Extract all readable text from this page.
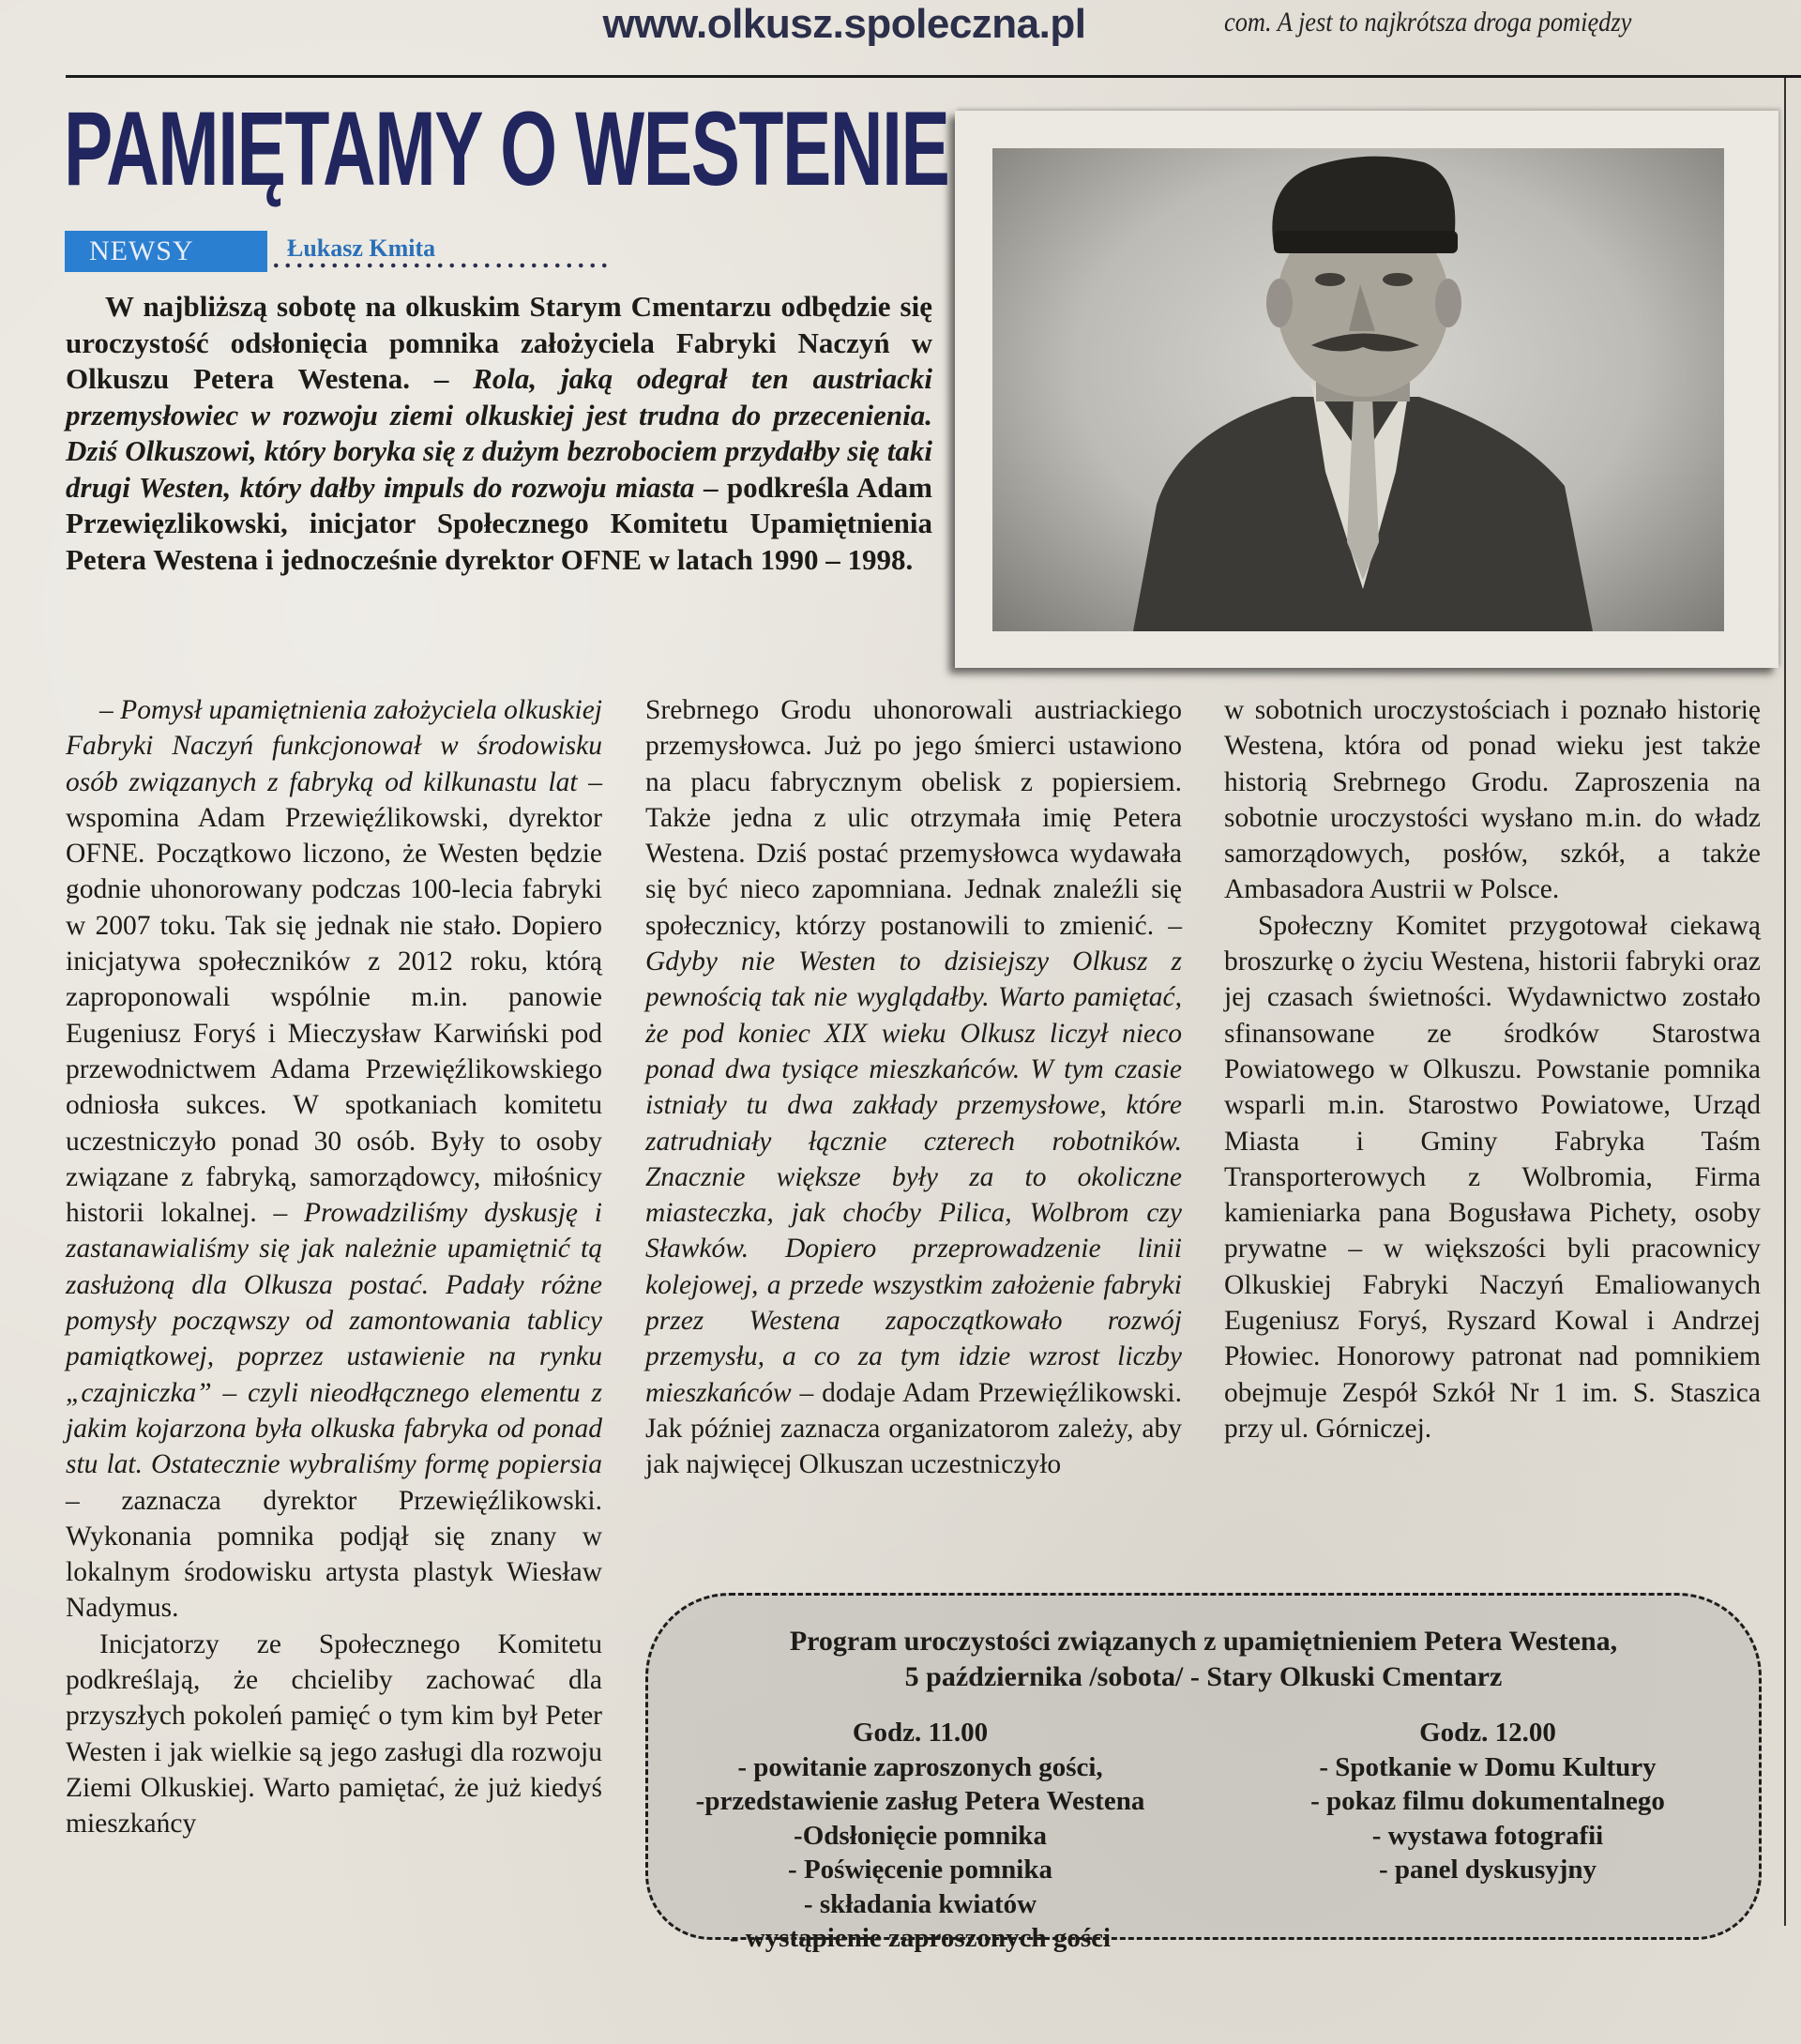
www.olkusz.spoleczna.pl	com. A jest to najkrótsza droga pomiędzy
PAMIĘTAMY O WESTENIE
NEWSY	Łukasz Kmita

W najbliższą sobotę na olkuskim Starym Cmentarzu odbędzie się uroczystość odsłonięcia pomnika założyciela Fabryki Naczyń w Olkuszu Petera Westena. – Rola, jaką odegrał ten austriacki przemysłowiec w rozwoju ziemi olkuskiej jest trudna do przecenienia. Dziś Olkuszowi, który boryka się z dużym bezrobociem przydałby się taki drugi Westen, który dałby impuls do rozwoju miasta – podkreśla Adam Przewięzlikowski, inicjator Społecznego Komitetu Upamiętnienia Petera Westena i jednocześnie dyrektor OFNE w latach 1990 – 1998.

– Pomysł upamiętnienia założyciela olkuskiej Fabryki Naczyń funkcjonował w środowisku osób związanych z fabryką od kilkunastu lat – wspomina Adam Przewięźlikowski, dyrektor OFNE. Początkowo liczono, że Westen będzie godnie uhonorowany podczas 100-lecia fabryki w 2007 toku. Tak się jednak nie stało. Dopiero inicjatywa społeczników z 2012 roku, którą zaproponowali wspólnie m.in. panowie Eugeniusz Foryś i Mieczysław Karwiński pod przewodnictwem Adama Przewięźlikowskiego odniosła sukces. W spotkaniach komitetu uczestniczyło ponad 30 osób. Były to osoby związane z fabryką, samorządowcy, miłośnicy historii lokalnej. – Prowadziliśmy dyskusję i zastanawialiśmy się jak należnie upamiętnić tą zasłużoną dla Olkusza postać. Padały różne pomysły począwszy od zamontowania tablicy pamiątkowej, poprzez ustawienie na rynku „czajniczka” – czyli nieodłącznego elementu z jakim kojarzona była olkuska fabryka od ponad stu lat. Ostatecznie wybraliśmy formę popiersia – zaznacza dyrektor Przewięźlikowski. Wykonania pomnika podjął się znany w lokalnym środowisku artysta plastyk Wiesław Nadymus.

Inicjatorzy ze Społecznego Komitetu podkreślają, że chcieliby zachować dla przyszłych pokoleń pamięć o tym kim był Peter Westen i jak wielkie są jego zasługi dla rozwoju Ziemi Olkuskiej. Warto pamiętać, że już kiedyś mieszkańcy

Srebrnego Grodu uhonorowali austriackiego przemysłowca. Już po jego śmierci ustawiono na placu fabrycznym obelisk z popiersiem. Także jedna z ulic otrzymała imię Petera Westena. Dziś postać przemysłowca wydawała się być nieco zapomniana. Jednak znaleźli się społecznicy, którzy postanowili to zmienić. – Gdyby nie Westen to dzisiejszy Olkusz z pewnością tak nie wyglądałby. Warto pamiętać, że pod koniec XIX wieku Olkusz liczył nieco ponad dwa tysiące mieszkańców. W tym czasie istniały tu dwa zakłady przemysłowe, które zatrudniały łącznie czterech robotników. Znacznie większe były za to okoliczne miasteczka, jak choćby Pilica, Wolbrom czy Sławków. Dopiero przeprowadzenie linii kolejowej, a przede wszystkim założenie fabryki przez Westena zapoczątkowało rozwój przemysłu, a co za tym idzie wzrost liczby mieszkańców – dodaje Adam Przewięźlikowski. Jak później zaznacza organizatorom zależy, aby jak najwięcej Olkuszan uczestniczyło

w sobotnich uroczystościach i poznało historię Westena, która od ponad wieku jest także historią Srebrnego Grodu. Zaproszenia na sobotnie uroczystości wysłano m.in. do władz samorządowych, posłów, szkół, a także Ambasadora Austrii w Polsce.

Społeczny Komitet przygotował ciekawą broszurkę o życiu Westena, historii fabryki oraz jej czasach świetności. Wydawnictwo zostało sfinansowane ze środków Starostwa Powiatowego w Olkuszu. Powstanie pomnika wsparli m.in. Starostwo Powiatowe, Urząd Miasta i Gminy Fabryka Taśm Transporterowych z Wolbromia, Firma kamieniarka pana Bogusława Pichety, osoby prywatne – w większości byli pracownicy Olkuskiej Fabryki Naczyń Emaliowanych Eugeniusz Foryś, Ryszard Kowal i Andrzej Płowiec. Honorowy patronat nad pomnikiem obejmuje Zespół Szkół Nr 1 im. S. Staszica przy ul. Górniczej.

Program uroczystości związanych z upamiętnieniem Petera Westena,
5 października /sobota/ - Stary Olkuski Cmentarz
Godz. 11.00
- powitanie zaproszonych gości,
-przedstawienie zasług Petera Westena
-Odsłonięcie pomnika
- Poświęcenie pomnika
- składania kwiatów
- wystąpienie zaproszonych gości
Godz. 12.00
- Spotkanie w Domu Kultury
- pokaz filmu dokumentalnego
- wystawa fotografii
- panel dyskusyjny
